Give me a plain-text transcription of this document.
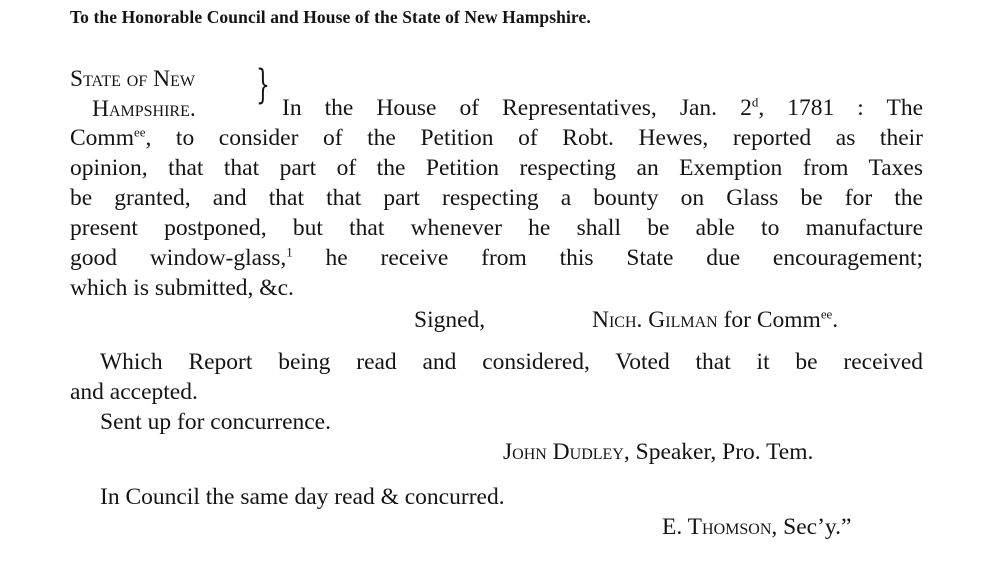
To the Honorable Council and House of the State of New Hampshire.
State of New
Hampshire.
} In the House of Representatives, Jan. 2$^d$, 1781 : The
Comm$^{ee}$, to consider of the Petition of Robt. Hewes, reported as their
opinion, that that part of the Petition respecting an Exemption from Taxes
be granted, and that that part respecting a bounty on Glass be for the
present postponed, but that whenever he shall be able to manufacture
good window-glass,$^1$ he receive from this State due encouragement;
which is submitted, &c.
Signed,	Nich. Gilman for Comm$^{ee}$.
Which Report being read and considered, Voted that it be received
and accepted.
Sent up for concurrence.
John Dudley, Speaker, Pro. Tem.
In Council the same day read & concurred.
E. Thomson, Sec’y.”
